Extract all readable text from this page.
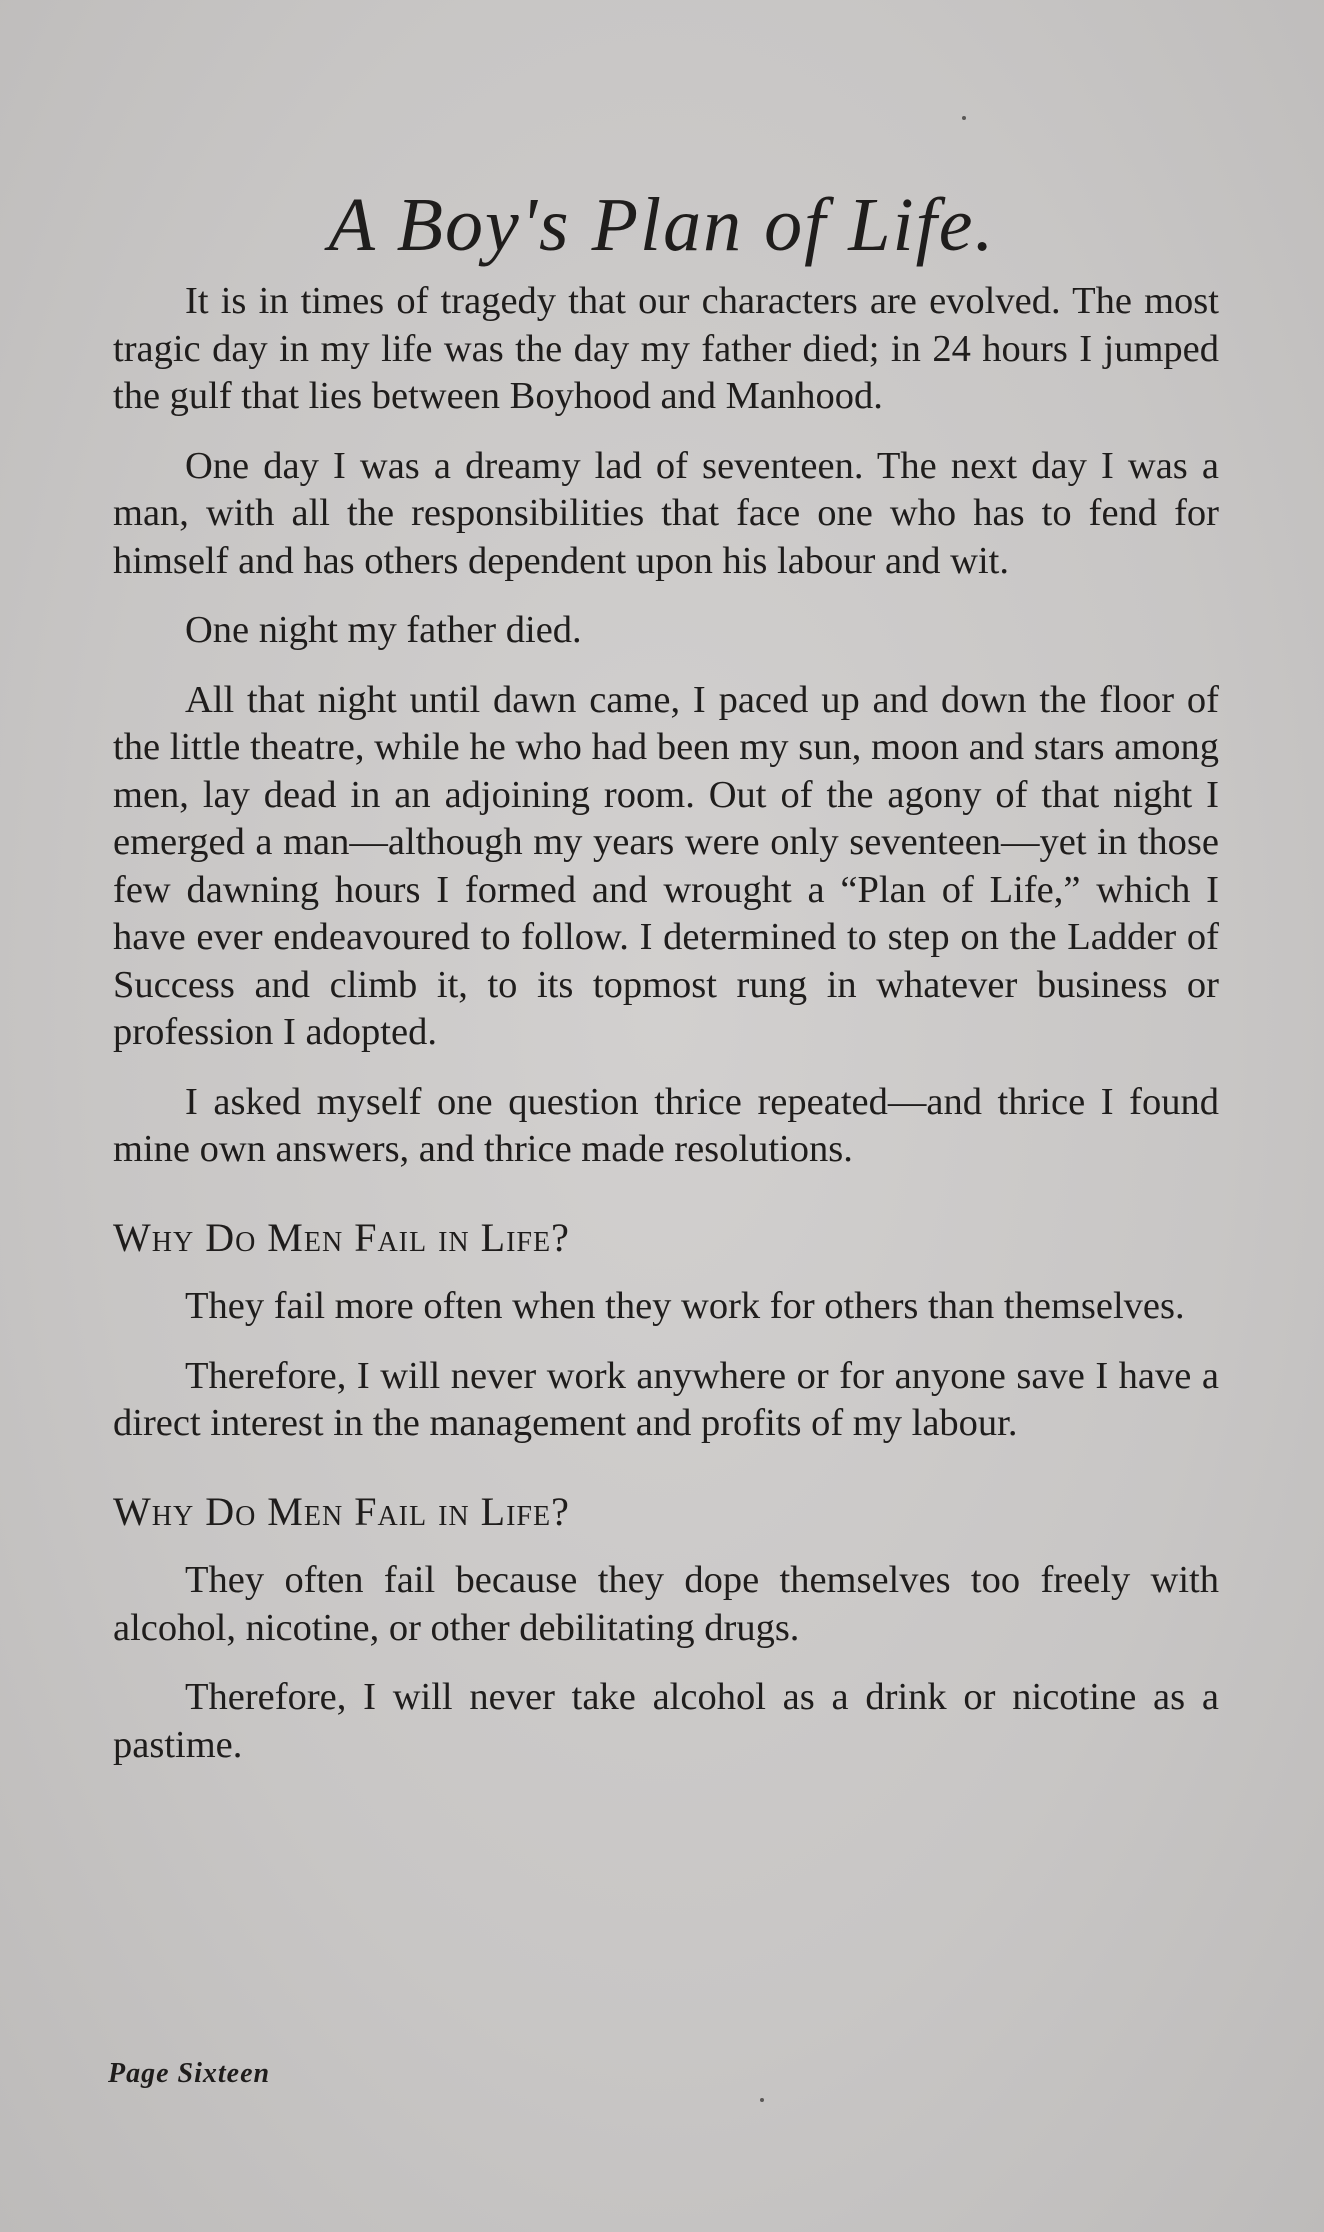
A Boy's Plan of Life.

It is in times of tragedy that our characters are evolved. The most tragic day in my life was the day my father died; in 24 hours I jumped the gulf that lies between Boyhood and Manhood.

One day I was a dreamy lad of seventeen. The next day I was a man, with all the responsibilities that face one who has to fend for himself and has others dependent upon his labour and wit.

One night my father died.

All that night until dawn came, I paced up and down the floor of the little theatre, while he who had been my sun, moon and stars among men, lay dead in an adjoining room. Out of the agony of that night I emerged a man—although my years were only seventeen—yet in those few dawning hours I formed and wrought a “Plan of Life,” which I have ever endeavoured to follow. I determined to step on the Ladder of Success and climb it, to its topmost rung in whatever business or profession I adopted.

I asked myself one question thrice repeated—and thrice I found mine own answers, and thrice made resolutions.

Why Do Men Fail in Life?

They fail more often when they work for others than themselves.

Therefore, I will never work anywhere or for anyone save I have a direct interest in the management and profits of my labour.

Why Do Men Fail in Life?

They often fail because they dope themselves too freely with alcohol, nicotine, or other debilitating drugs.

Therefore, I will never take alcohol as a drink or nicotine as a pastime.

Page Sixteen
